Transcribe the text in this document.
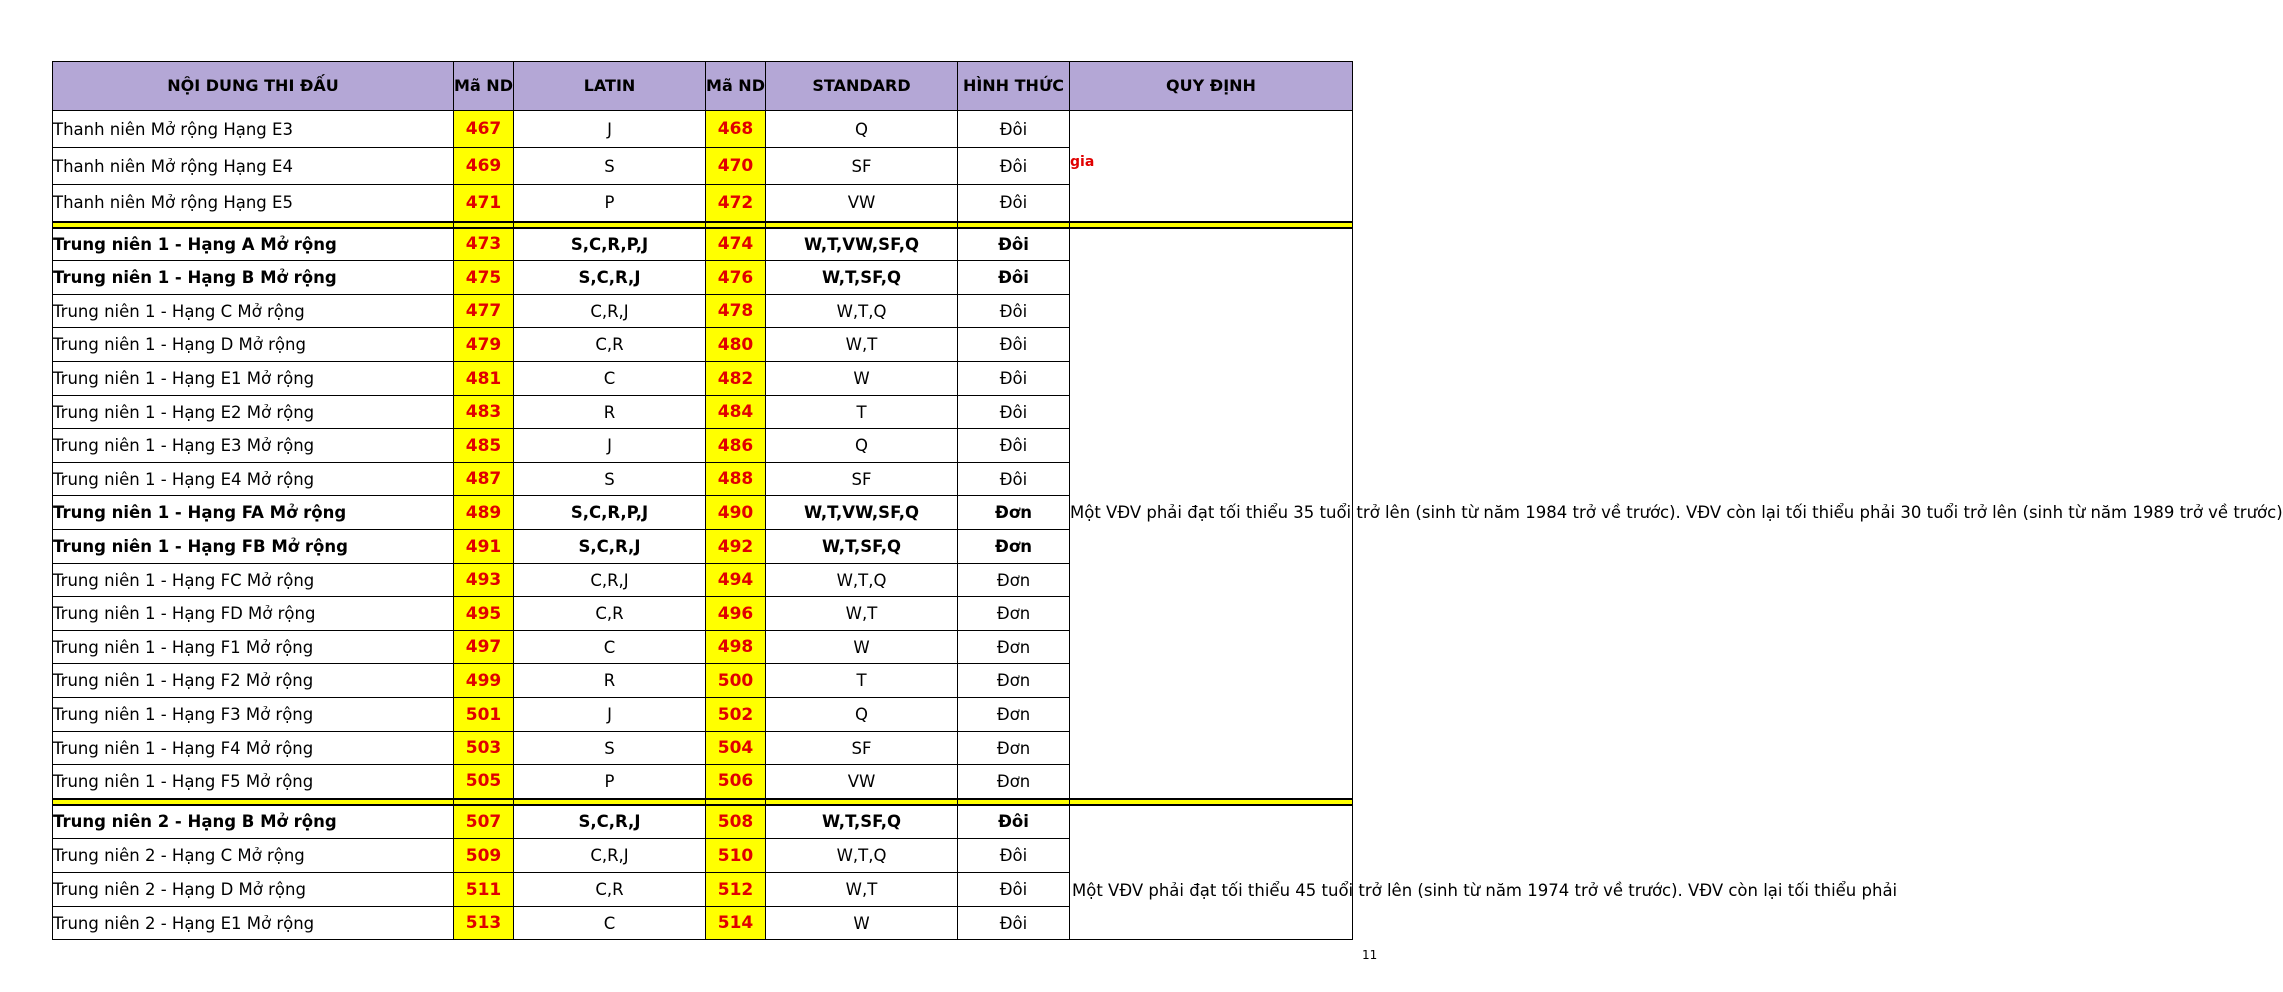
NỘI DUNG THI ĐẤU	Mã ND	LATIN	Mã ND	STANDARD	HÌNH THỨC	QUY ĐỊNH
Thanh niên Mở rộng Hạng E3	467	J	468	Q	Đôi	gia

Thanh niên Mở rộng Hạng E4	469	S	470	SF	Đôi	
Thanh niên Mở rộng Hạng E5	471	P	472	VW	Đôi	

Trung niên 1 - Hạng A Mở rộng	473	S,C,R,P,J	474	W,T,VW,SF,Q	Đôi	Một VĐV phải đạt tối thiểu 35 tuổi trở lên (sinh từ năm 1984 trở về trước). VĐV còn lại tối thiểu phải 30 tuổi trở lên (sinh từ năm 1989 trở về trước)
Trung niên 1 - Hạng B Mở rộng	475	S,C,R,J	476	W,T,SF,Q	Đôi	
Trung niên 1 - Hạng C Mở rộng	477	C,R,J	478	W,T,Q	Đôi	
Trung niên 1 - Hạng D Mở rộng	479	C,R	480	W,T	Đôi	
Trung niên 1 - Hạng E1 Mở rộng	481	C	482	W	Đôi	
Trung niên 1 - Hạng E2 Mở rộng	483	R	484	T	Đôi	
Trung niên 1 - Hạng E3 Mở rộng	485	J	486	Q	Đôi	
Trung niên 1 - Hạng E4 Mở rộng	487	S	488	SF	Đôi	
Trung niên 1 - Hạng FA Mở rộng	489	S,C,R,P,J	490	W,T,VW,SF,Q	Đơn	
Trung niên 1 - Hạng FB Mở rộng	491	S,C,R,J	492	W,T,SF,Q	Đơn	
Trung niên 1 - Hạng FC Mở rộng	493	C,R,J	494	W,T,Q	Đơn	
Trung niên 1 - Hạng FD Mở rộng	495	C,R	496	W,T	Đơn	
Trung niên 1 - Hạng F1 Mở rộng	497	C	498	W	Đơn	
Trung niên 1 - Hạng F2 Mở rộng	499	R	500	T	Đơn	
Trung niên 1 - Hạng F3 Mở rộng	501	J	502	Q	Đơn	
Trung niên 1 - Hạng F4 Mở rộng	503	S	504	SF	Đơn	
Trung niên 1 - Hạng F5 Mở rộng	505	P	506	VW	Đơn	

Trung niên 2 - Hạng B Mở rộng	507	S,C,R,J	508	W,T,SF,Q	Đôi	Một VĐV phải đạt tối thiểu 45 tuổi trở lên (sinh từ năm 1974 trở về trước). VĐV còn lại tối thiểu phải

Trung niên 2 - Hạng C Mở rộng	509	C,R,J	510	W,T,Q	Đôi	
Trung niên 2 - Hạng D Mở rộng	511	C,R	512	W,T	Đôi	
Trung niên 2 - Hạng E1 Mở rộng	513	C	514	W	Đôi	
11
